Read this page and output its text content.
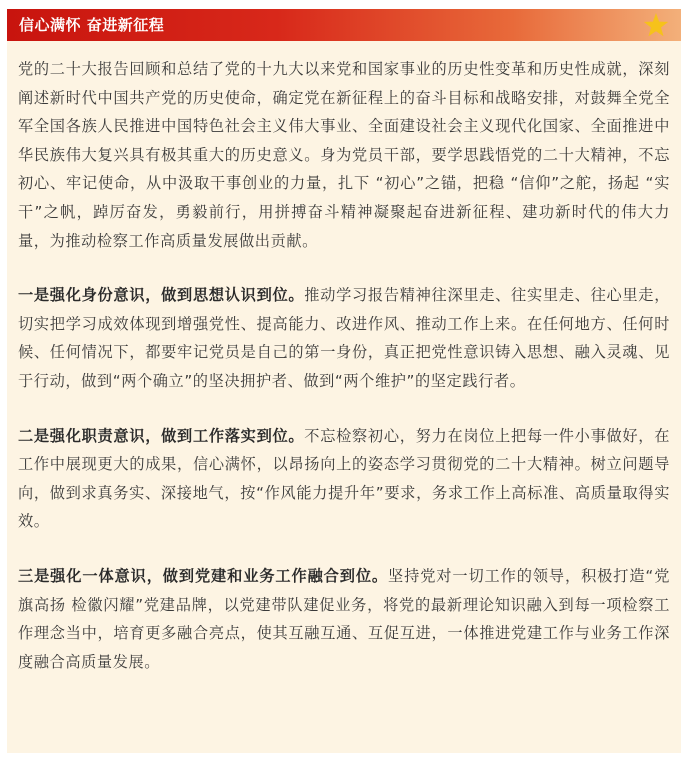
信心满怀 奋进新征程

党的二十大报告回顾和总结了党的十九大以来党和国家事业的历史性变革和历史性成就，深刻阐述新时代中国共产党的历史使命，确定党在新征程上的奋斗目标和战略安排，对鼓舞全党全军全国各族人民推进中国特色社会主义伟大事业、全面建设社会主义现代化国家、全面推进中华民族伟大复兴具有极其重大的历史意义。身为党员干部，要学思践悟党的二十大精神，不忘初心、牢记使命，从中汲取干事创业的力量，扎下 “初心”之锚，把稳 “信仰”之舵，扬起 “实干”之帆，踔厉奋发，勇毅前行，用拼搏奋斗精神凝聚起奋进新征程、建功新时代的伟大力量，为推动检察工作高质量发展做出贡献。

一是强化身份意识，做到思想认识到位。推动学习报告精神往深里走、往实里走、往心里走，切实把学习成效体现到增强党性、提高能力、改进作风、推动工作上来。在任何地方、任何时候、任何情况下，都要牢记党员是自己的第一身份，真正把党性意识铸入思想、融入灵魂、见于行动，做到“两个确立”的坚决拥护者、做到“两个维护”的坚定践行者。

二是强化职责意识，做到工作落实到位。不忘检察初心，努力在岗位上把每一件小事做好，在工作中展现更大的成果，信心满怀，以昂扬向上的姿态学习贯彻党的二十大精神。树立问题导向，做到求真务实、深接地气，按“作风能力提升年”要求，务求工作上高标准、高质量取得实效。

三是强化一体意识，做到党建和业务工作融合到位。坚持党对一切工作的领导，积极打造“党旗高扬 检徽闪耀”党建品牌，以党建带队建促业务，将党的最新理论知识融入到每一项检察工作理念当中，培育更多融合亮点，使其互融互通、互促互进，一体推进党建工作与业务工作深度融合高质量发展。
